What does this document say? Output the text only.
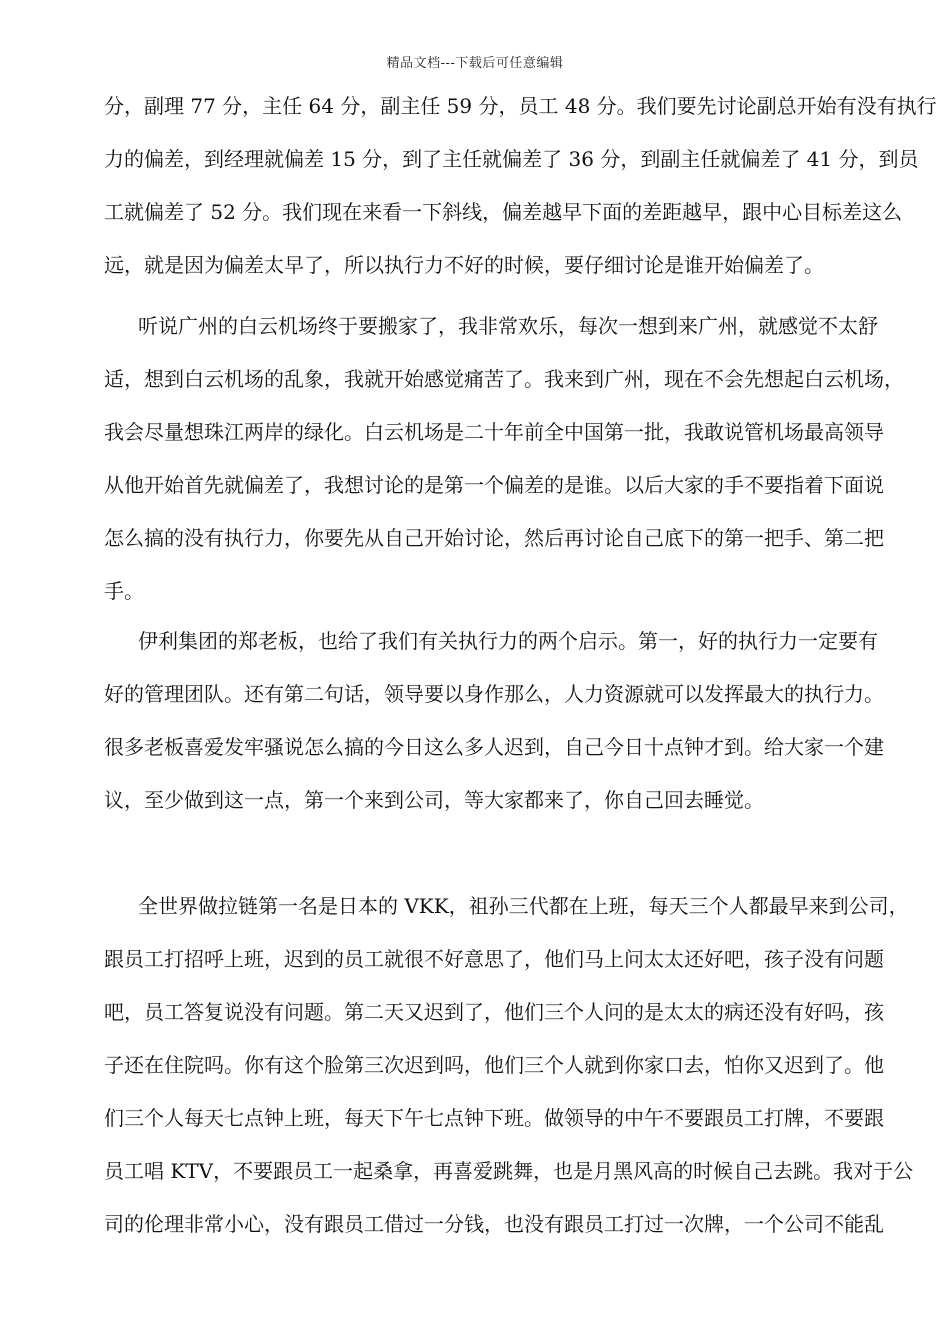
精品文档---下载后可任意编辑
分，副理 77 分，主任 64 分，副主任 59 分，员工 48 分。我们要先讨论副总开始有没有执行
力的偏差，到经理就偏差 15 分，到了主任就偏差了 36 分，到副主任就偏差了 41 分，到员
工就偏差了 52 分。我们现在来看一下斜线，偏差越早下面的差距越早，跟中心目标差这么
远，就是因为偏差太早了，所以执行力不好的时候，要仔细讨论是谁开始偏差了。
听说广州的白云机场终于要搬家了，我非常欢乐，每次一想到来广州，就感觉不太舒
适，想到白云机场的乱象，我就开始感觉痛苦了。我来到广州，现在不会先想起白云机场，
我会尽量想珠江两岸的绿化。白云机场是二十年前全中国第一批，我敢说管机场最高领导
从他开始首先就偏差了，我想讨论的是第一个偏差的是谁。以后大家的手不要指着下面说
怎么搞的没有执行力，你要先从自己开始讨论，然后再讨论自己底下的第一把手、第二把
手。
伊利集团的郑老板，也给了我们有关执行力的两个启示。第一，好的执行力一定要有
好的管理团队。还有第二句话，领导要以身作那么，人力资源就可以发挥最大的执行力。
很多老板喜爱发牢骚说怎么搞的今日这么多人迟到，自己今日十点钟才到。给大家一个建
议，至少做到这一点，第一个来到公司，等大家都来了，你自己回去睡觉。
全世界做拉链第一名是日本的 VKK，祖孙三代都在上班，每天三个人都最早来到公司，
跟员工打招呼上班，迟到的员工就很不好意思了，他们马上问太太还好吧，孩子没有问题
吧，员工答复说没有问题。第二天又迟到了，他们三个人问的是太太的病还没有好吗，孩
子还在住院吗。你有这个脸第三次迟到吗，他们三个人就到你家口去，怕你又迟到了。他
们三个人每天七点钟上班，每天下午七点钟下班。做领导的中午不要跟员工打牌，不要跟
员工唱 KTV，不要跟员工一起桑拿，再喜爱跳舞，也是月黑风高的时候自己去跳。我对于公
司的伦理非常小心，没有跟员工借过一分钱，也没有跟员工打过一次牌，一个公司不能乱
